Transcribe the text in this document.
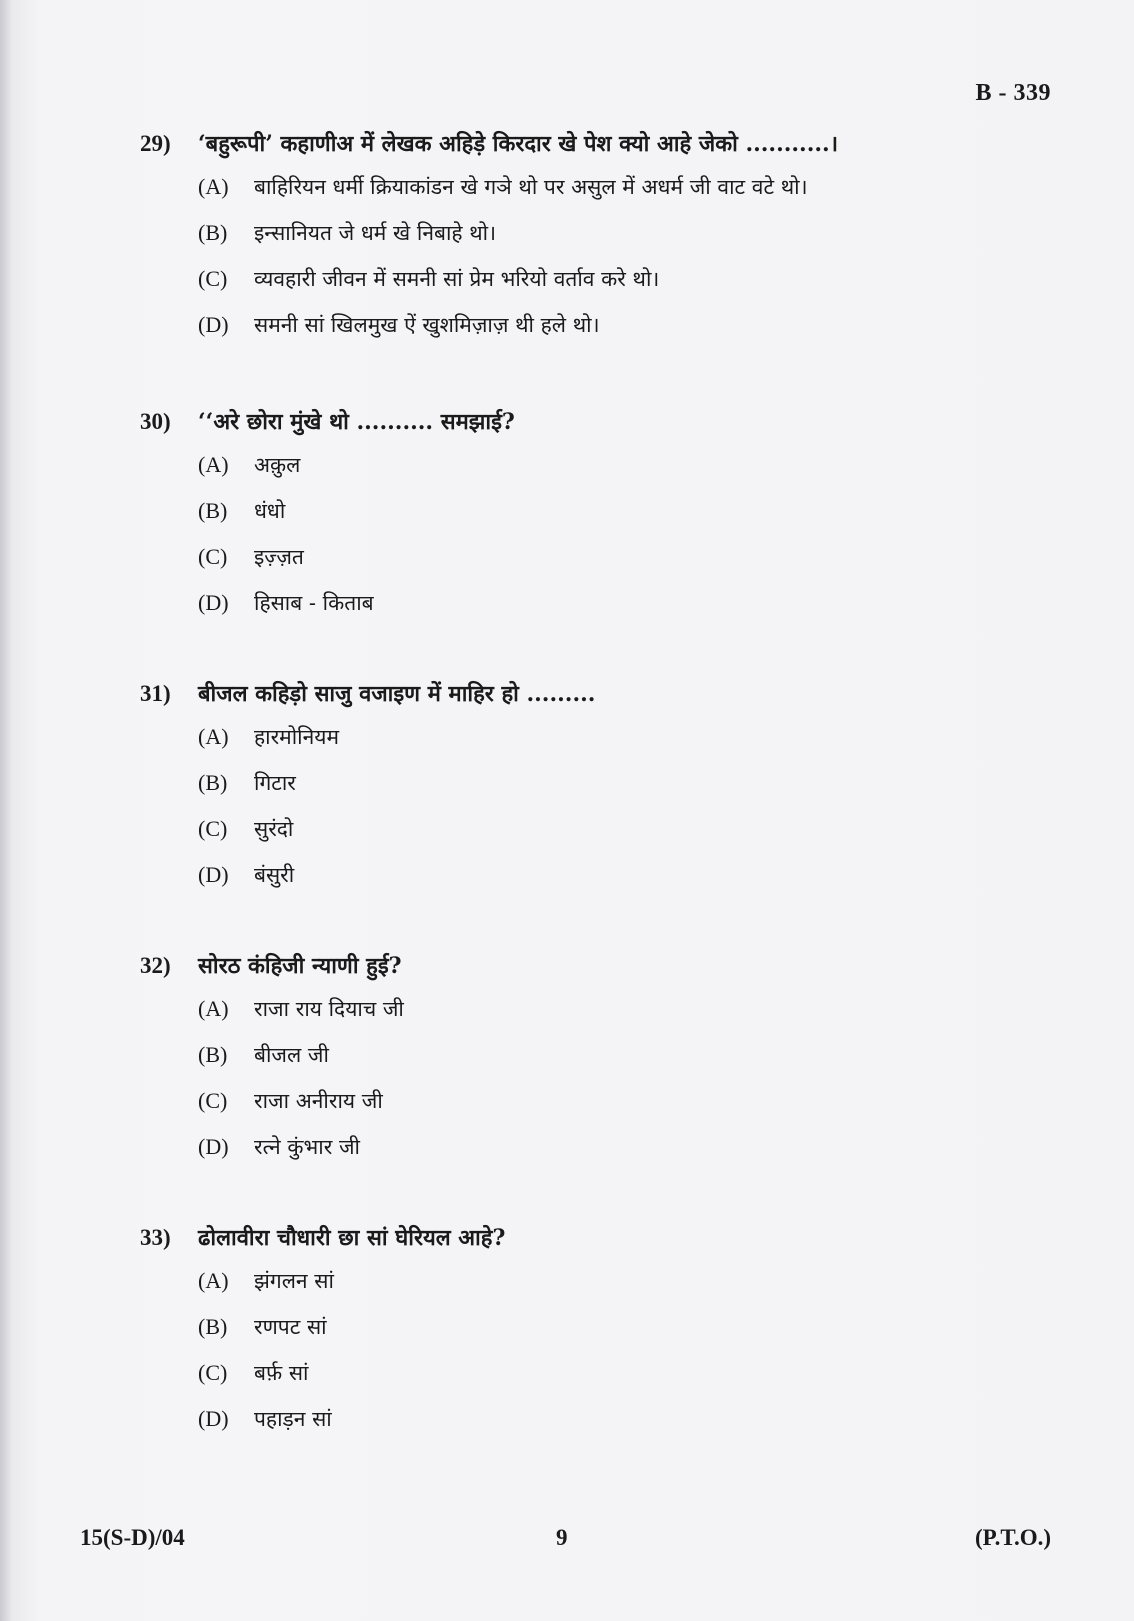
B - 339
29)	‘बहुरूपी’ कहाणीअ में लेखक अहिड़े किरदार खे पेश क्यो आहे जेको ...........।
(A)	बाहिरियन धर्मी क्रियाकांडन खे गञे थो पर असुल में अधर्म जी वाट वटे थो।
(B)	इन्सानियत जे धर्म खे निबाहे थो।
(C)	व्यवहारी जीवन में समनी सां प्रेम भरियो वर्ताव करे थो।
(D)	समनी सां खिलमुख ऐं खुशमिज़ाज़ थी हले थो।
30)	‘‘अरे छोरा मुंखे थो .......... समझाई?
(A)	अक़ुल
(B)	धंधो
(C)	इज़्ज़त
(D)	हिसाब - किताब
31)	बीजल कहिड़ो साजु वजाइण में माहिर हो .........
(A)	हारमोनियम
(B)	गिटार
(C)	सुरंदो
(D)	बंसुरी
32)	सोरठ कंहिजी न्याणी हुई?
(A)	राजा राय दियाच जी
(B)	बीजल जी
(C)	राजा अनीराय जी
(D)	रत्ने कुंभार जी
33)	ढोलावीरा चौधारी छा सां घेरियल आहे?
(A)	झंगलन सां
(B)	रणपट सां
(C)	बर्फ़ सां
(D)	पहाड़न सां
15(S-D)/04	9	(P.T.O.)
